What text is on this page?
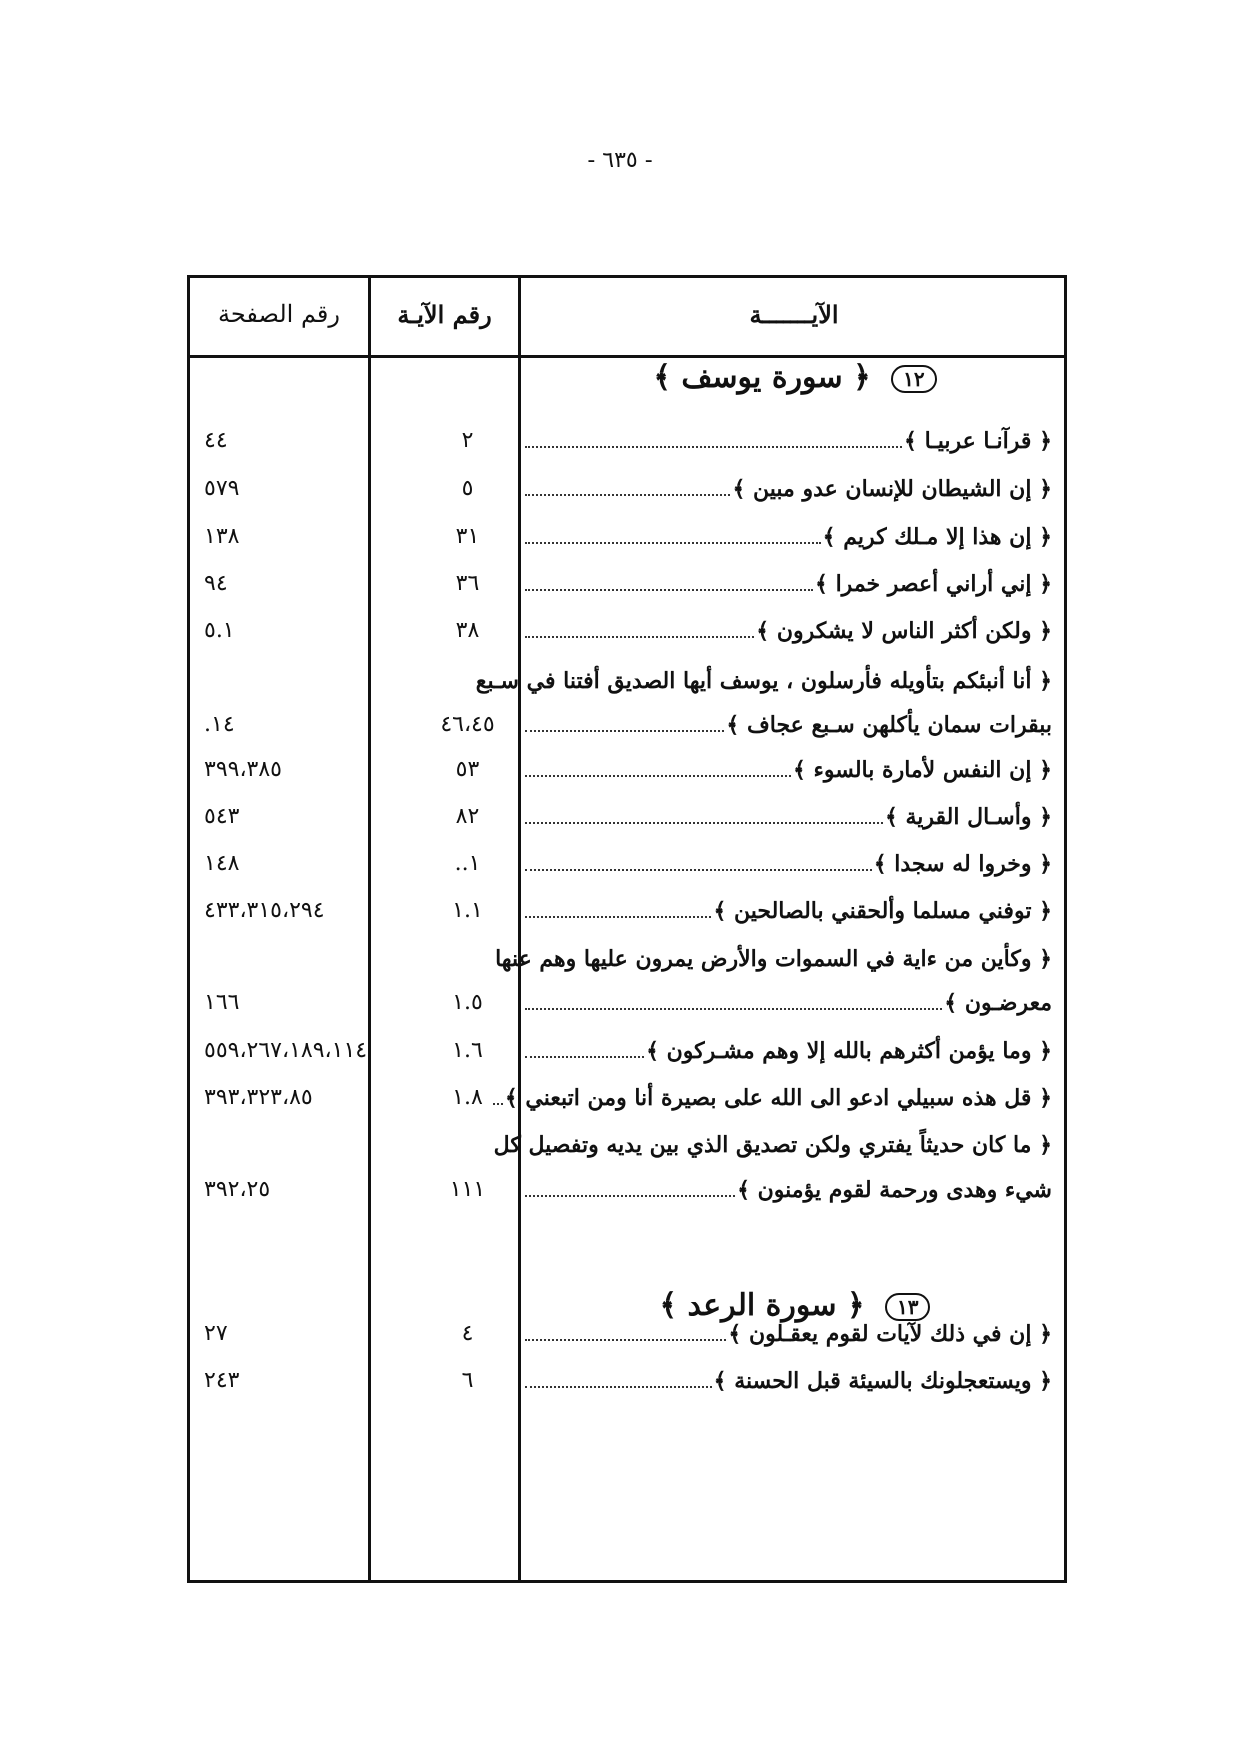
- ٦٣٥ -
الآيـــــــة
رقم الآيـة
رقم الصفحة
١٢ ﴿ سورة يوسف ﴾
١٣ ﴿ سورة الرعد ﴾
﴿ قرآنـا عربيـا ﴾
٢
٤٤
﴿ إن الشيطان للإنسان عدو مبين ﴾
٥
٥٧٩
﴿ إن هذا إلا مـلك كريم ﴾
٣١
١٣٨
﴿ إني أراني أعصر خمرا ﴾
٣٦
٩٤
﴿ ولكن أكثر الناس لا يشكرون ﴾
٣٨
٥.١
﴿ أنا أنبئكم بتأويله فأرسلون ، يوسف أيها الصديق أفتنا في سـبع
ببقرات سمان يأكلهن سـبع عجاف ﴾
٤٦،٤٥
١٤.
﴿ إن النفس لأمارة بالسوء ﴾
٥٣
٣٩٩،٣٨٥
﴿ وأسـال القرية ﴾
٨٢
٥٤٣
﴿ وخروا له سجدا ﴾
١..
١٤٨
﴿ توفني مسلما وألحقني بالصالحين ﴾
١.١
٤٣٣،٣١٥،٢٩٤
﴿ وكأين من ءاية في السموات والأرض يمرون عليها وهم عنها
معرضـون ﴾
١.٥
١٦٦
﴿ وما يؤمن أكثرهم بالله إلا وهم مشـركون ﴾
١.٦
٥٥٩،٢٦٧،١٨٩،١١٤
﴿ قل هذه سبيلي ادعو الى الله على بصيرة أنا ومن اتبعني ﴾
١.٨
٣٩٣،٣٢٣،٨٥
﴿ ما كان حديثاً يفتري ولكن تصديق الذي بين يديه وتفصيل كل
شيء وهدى ورحمة لقوم يؤمنون ﴾
١١١
٣٩٢،٢٥
﴿ إن في ذلك لآيات لقوم يعقـلون ﴾
٤
٢٧
﴿ ويستعجلونك بالسيئة قبل الحسنة ﴾
٦
٢٤٣
